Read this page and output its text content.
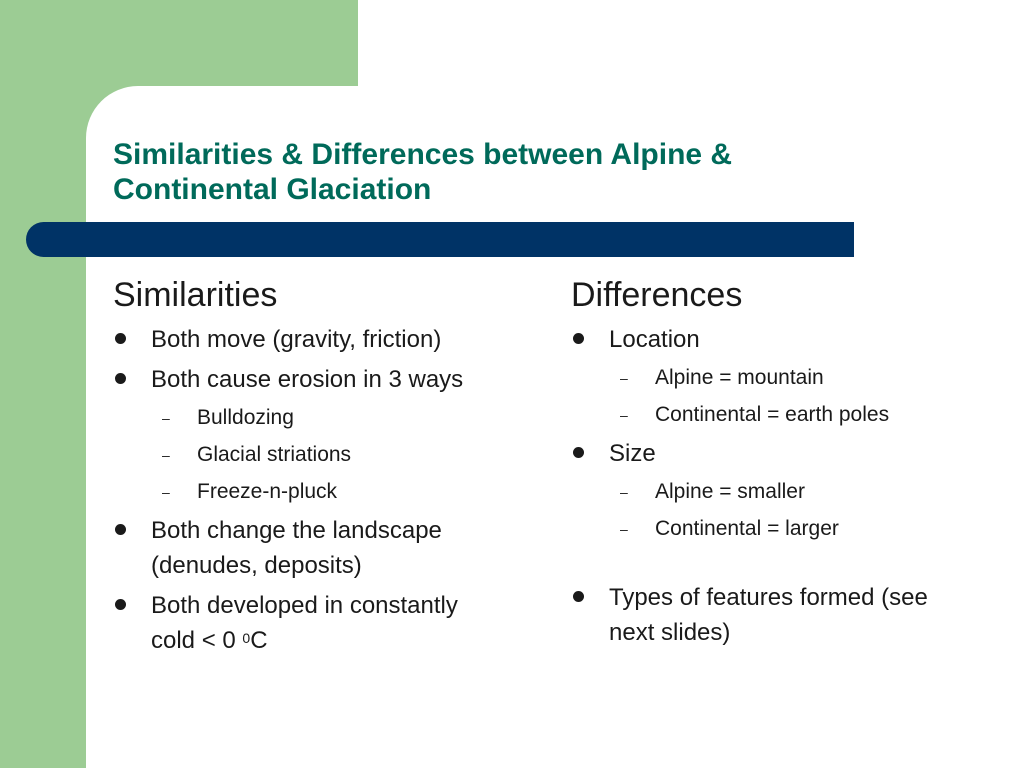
Similarities & Differences between Alpine &
Continental Glaciation
Similarities
Both move (gravity, friction)
Both cause erosion in 3 ways
– Bulldozing
– Glacial striations
– Freeze-n-pluck
Both change the landscape
(denudes, deposits)
Both developed in constantly
cold < 0 $^0$C
Differences
Location
– Alpine = mountain
– Continental = earth poles
Size
– Alpine = smaller
– Continental = larger
Types of features formed (see
next slides)
